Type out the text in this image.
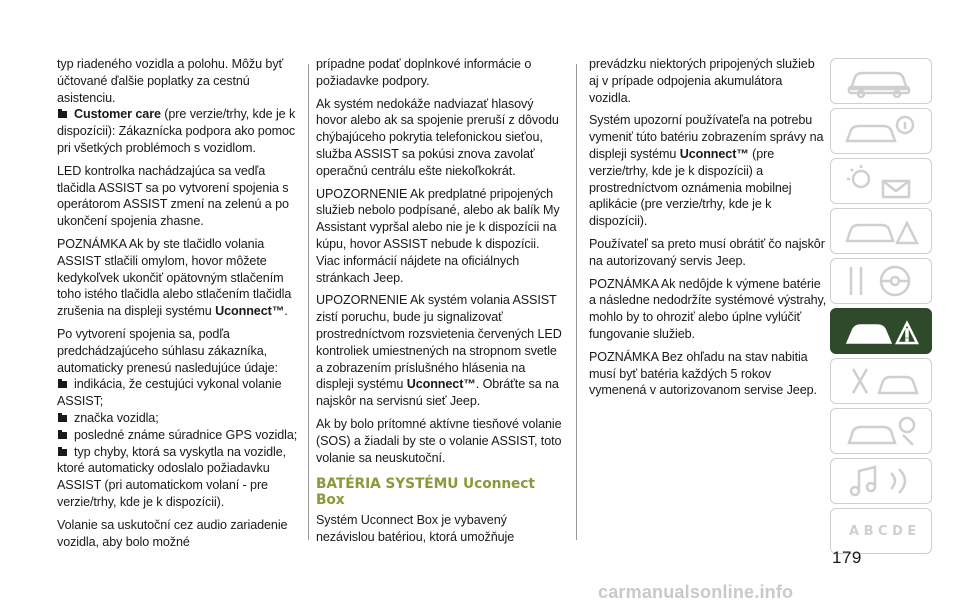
typ riadeného vozidla a polohu. Môžu byť účtované ďalšie poplatky za cestnú asistenciu.

Customer care (pre verzie/trhy, kde je k dispozícii): Zákaznícka podpora ako pomoc pri všetkých problémoch s vozidlom.

LED kontrolka nachádzajúca sa vedľa tlačidla ASSIST sa po vytvorení spojenia s operátorom ASSIST zmení na zelenú a po ukončení spojenia zhasne.

POZNÁMKA Ak by ste tlačidlo volania ASSIST stlačili omylom, hovor môžete kedykoľvek ukončiť opätovným stlačením toho istého tlačidla alebo stlačením tlačidla zrušenia na displeji systému Uconnect™.

Po vytvorení spojenia sa, podľa predchádzajúceho súhlasu zákazníka, automaticky prenesú nasledujúce údaje:

indikácia, že cestujúci vykonal volanie ASSIST;

značka vozidla;

posledné známe súradnice GPS vozidla;

typ chyby, ktorá sa vyskytla na vozidle, ktoré automaticky odoslalo požiadavku ASSIST (pri automatickom volaní - pre verzie/trhy, kde je k dispozícii).

Volanie sa uskutoční cez audio zariadenie vozidla, aby bolo možné

prípadne podať doplnkové informácie o požiadavke podpory.

Ak systém nedokáže nadviazať hlasový hovor alebo ak sa spojenie preruší z dôvodu chýbajúceho pokrytia telefonickou sieťou, služba ASSIST sa pokúsi znova zavolať operačnú centrálu ešte niekoľkokrát.

UPOZORNENIE Ak predplatné pripojených služieb nebolo podpísané, alebo ak balík My Assistant vypršal alebo nie je k dispozícii na kúpu, hovor ASSIST nebude k dispozícii. Viac informácií nájdete na oficiálnych stránkach Jeep.

UPOZORNENIE Ak systém volania ASSIST zistí poruchu, bude ju signalizovať prostredníctvom rozsvietenia červených LED kontroliek umiestnených na stropnom svetle a zobrazením príslušného hlásenia na displeji systému Uconnect™. Obráťte sa na najskôr na servisnú sieť Jeep.

Ak by bolo prítomné aktívne tiesňové volanie (SOS) a žiadali by ste o volanie ASSIST, toto volanie sa neuskutoční.

BATÉRIA SYSTÉMU Uconnect Box

Systém Uconnect Box je vybavený nezávislou batériou, ktorá umožňuje

prevádzku niektorých pripojených služieb aj v prípade odpojenia akumulátora vozidla.

Systém upozorní používateľa na potrebu vymeniť túto batériu zobrazením správy na displeji systému Uconnect™ (pre verzie/trhy, kde je k dispozícii) a prostredníctvom oznámenia mobilnej aplikácie (pre verzie/trhy, kde je k dispozícii).

Používateľ sa preto musí obrátiť čo najskôr na autorizovaný servis Jeep.

POZNÁMKA Ak nedôjde k výmene batérie a následne nedodržíte systémové výstrahy, mohlo by to ohroziť alebo úplne vylúčiť fungovanie služieb.

POZNÁMKA Bez ohľadu na stav nabitia musí byť batéria každých 5 rokov vymenená v autorizovanom servise Jeep.

A B C D E
179
carmanualsonline.info
